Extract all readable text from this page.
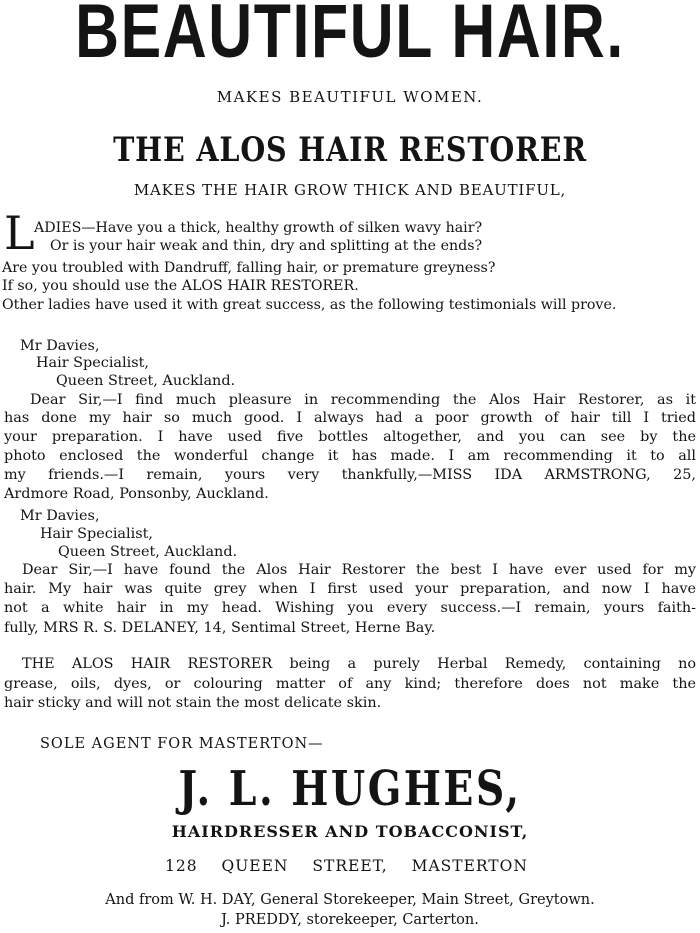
BEAUTIFUL HAIR.
MAKES BEAUTIFUL WOMEN.
THE ALOS HAIR RESTORER
MAKES THE HAIR GROW THICK AND BEAUTIFUL,
L ADIES—Have you a thick, healthy growth of silken wavy hair?
Or is your hair weak and thin, dry and splitting at the ends?
Are you troubled with Dandruff, falling hair, or premature greyness?
If so, you should use the ALOS HAIR RESTORER.
Other ladies have used it with great success, as the following testimonials will prove.
Mr Davies,
Hair Specialist,
Queen Street, Auckland.
Dear Sir,—I find much pleasure in recommending the Alos Hair Restorer, as it
has done my hair so much good. I always had a poor growth of hair till I tried
your preparation. I have used five bottles altogether, and you can see by the
photo enclosed the wonderful change it has made. I am recommending it to all
my friends.—I remain, yours very thankfully,—MISS IDA ARMSTRONG, 25,
Ardmore Road, Ponsonby, Auckland.
Mr Davies,
Hair Specialist,
Queen Street, Auckland.
Dear Sir,—I have found the Alos Hair Restorer the best I have ever used for my
hair. My hair was quite grey when I first used your preparation, and now I have
not a white hair in my head. Wishing you every success.—I remain, yours faith-
fully, MRS R. S. DELANEY, 14, Sentimal Street, Herne Bay.
THE ALOS HAIR RESTORER being a purely Herbal Remedy, containing no
grease, oils, dyes, or colouring matter of any kind; therefore does not make the
hair sticky and will not stain the most delicate skin.
SOLE AGENT FOR MASTERTON—
J. L. HUGHES,
HAIRDRESSER AND TOBACCONIST,
128 QUEEN STREET, MASTERTON
And from W. H. DAY, General Storekeeper, Main Street, Greytown.
J. PREDDY, storekeeper, Carterton.
